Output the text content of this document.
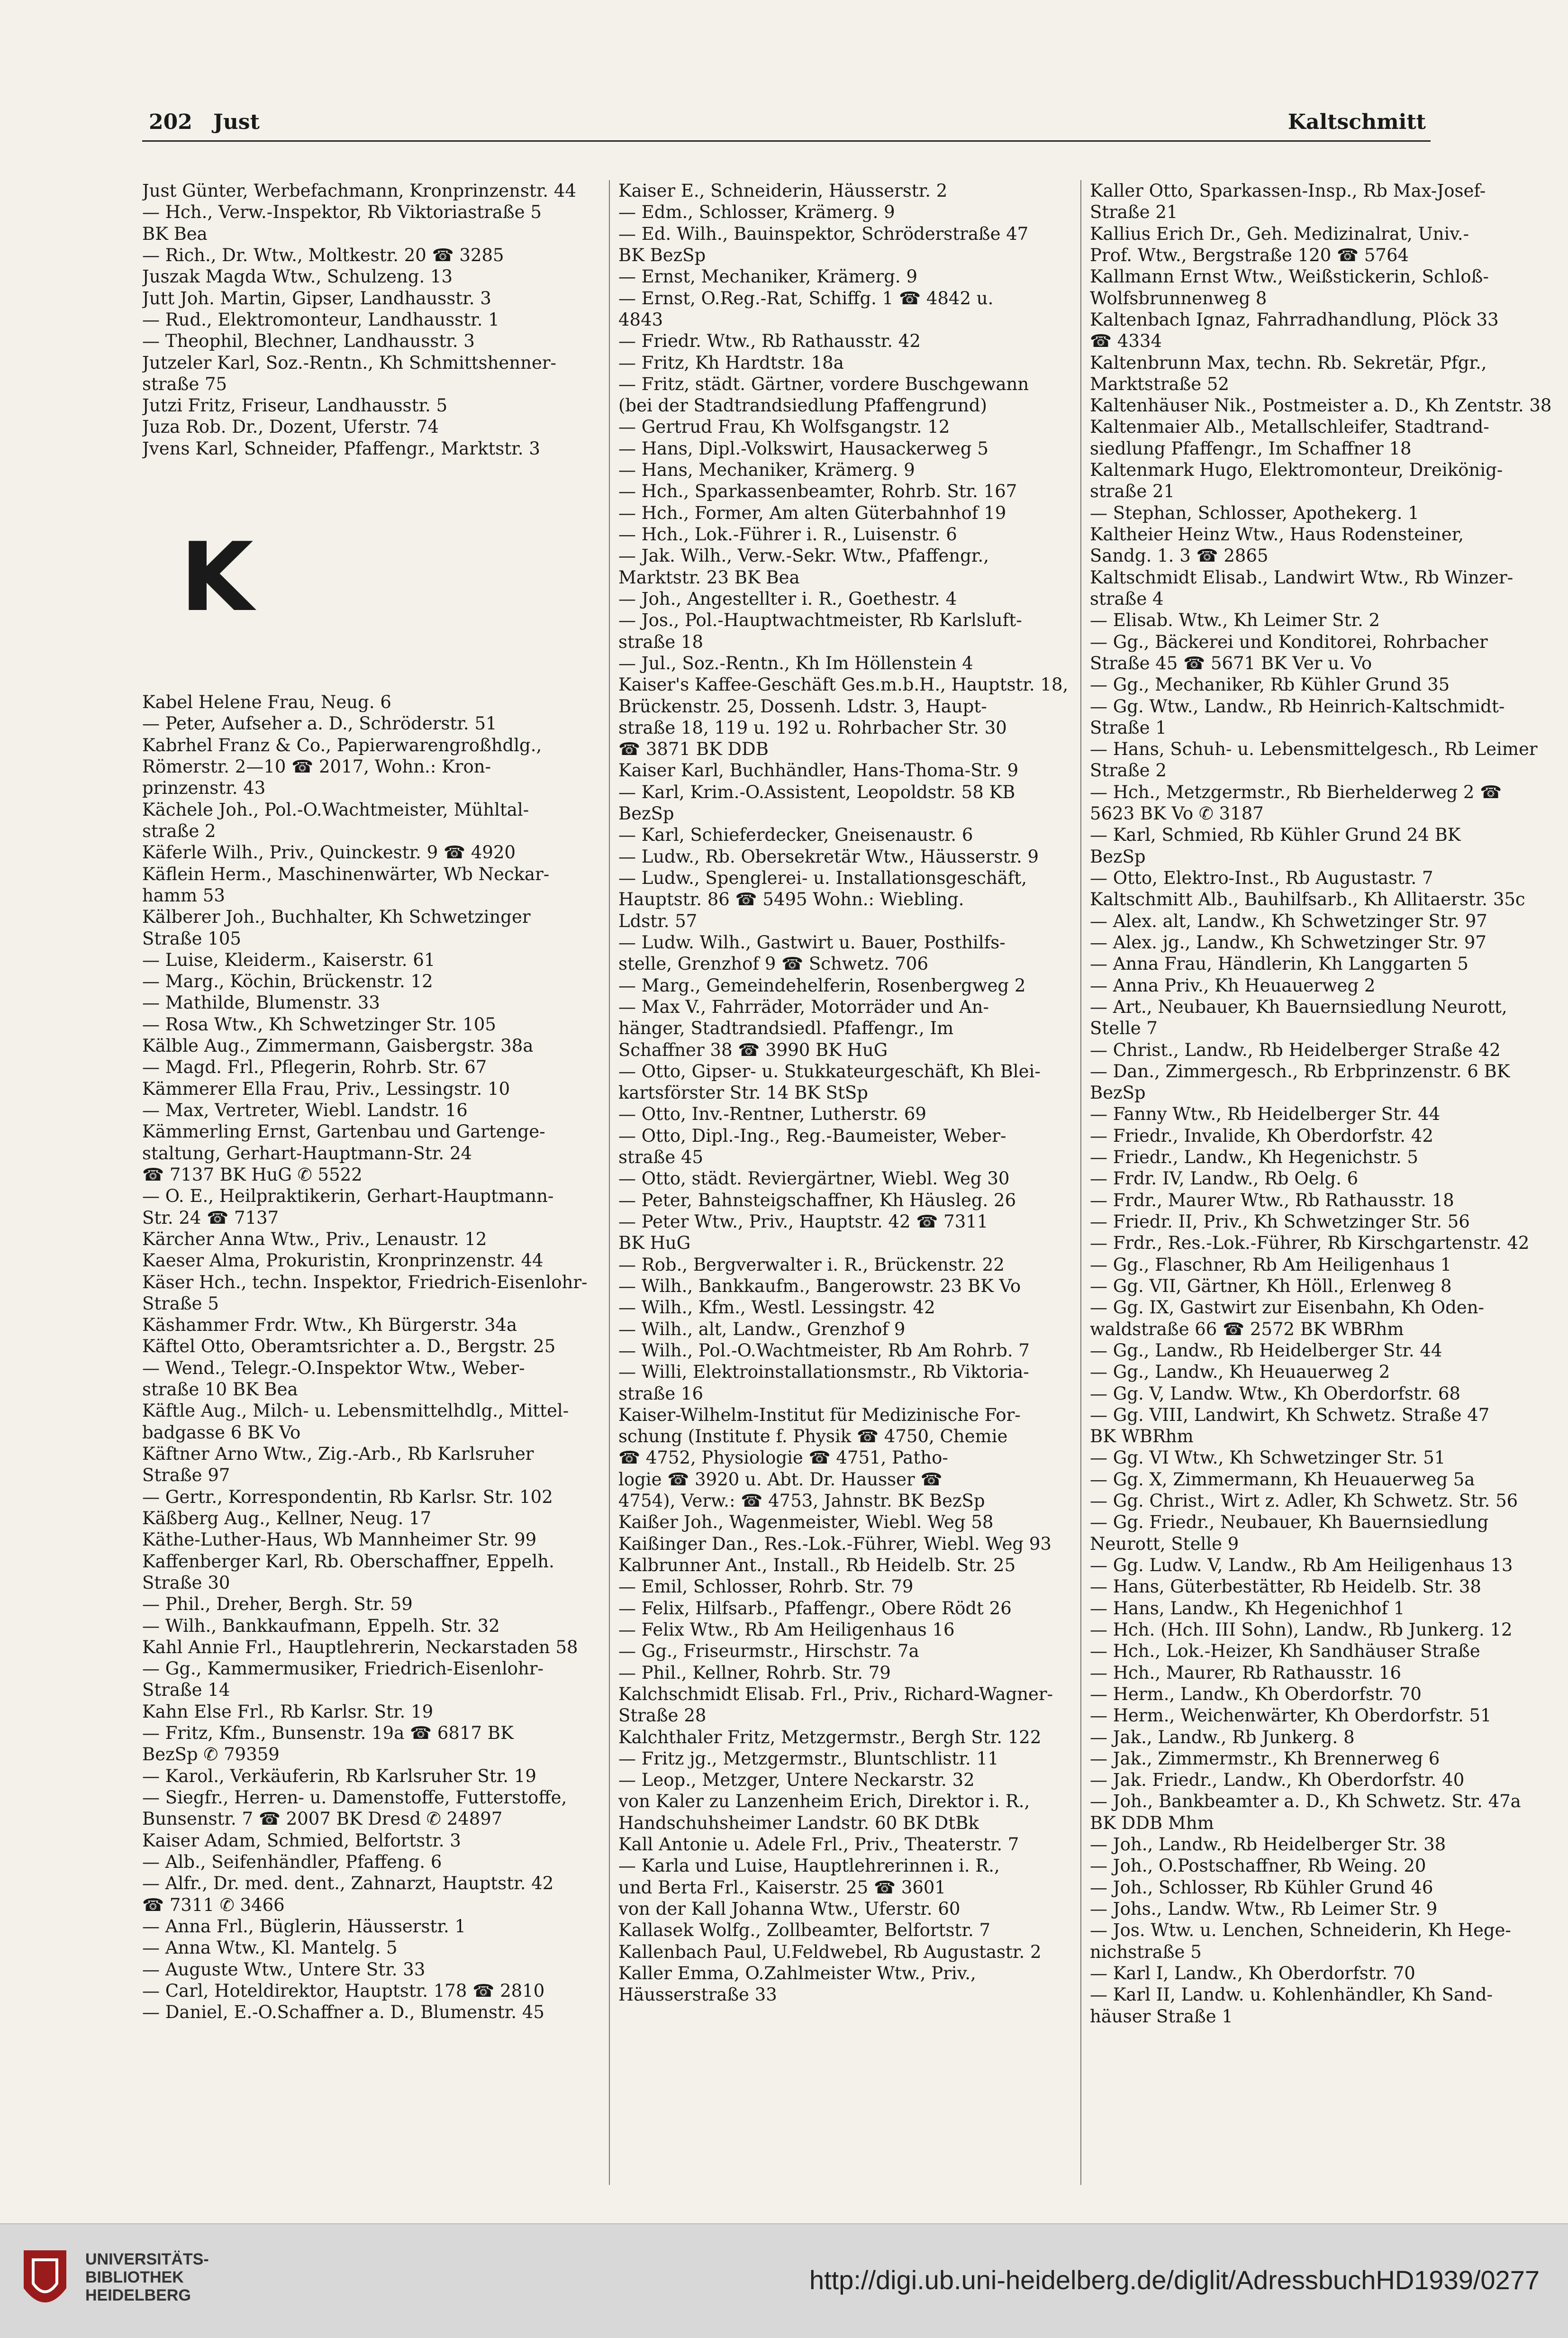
202 Just	Kaltschmitt
Just Günter, Werbefachmann, Kronprinzenstr. 44
— Hch., Verw.-Inspektor, Rb Viktoriastraße 5
BK Bea
— Rich., Dr. Wtw., Moltkestr. 20 ☎ 3285
Juszak Magda Wtw., Schulzeng. 13
Jutt Joh. Martin, Gipser, Landhausstr. 3
— Rud., Elektromonteur, Landhausstr. 1
— Theophil, Blechner, Landhausstr. 3
Jutzeler Karl, Soz.-Rentn., Kh Schmittshenner-
straße 75
Jutzi Fritz, Friseur, Landhausstr. 5
Juza Rob. Dr., Dozent, Uferstr. 74
Jvens Karl, Schneider, Pfaffengr., Marktstr. 3
K
Kabel Helene Frau, Neug. 6
— Peter, Aufseher a. D., Schröderstr. 51
Kabrhel Franz & Co., Papierwarengroßhdlg.,
Römerstr. 2—10 ☎ 2017, Wohn.: Kron-
prinzenstr. 43
Kächele Joh., Pol.-O.Wachtmeister, Mühltal-
straße 2
Käferle Wilh., Priv., Quinckestr. 9 ☎ 4920
Käflein Herm., Maschinenwärter, Wb Neckar-
hamm 53
Kälberer Joh., Buchhalter, Kh Schwetzinger
Straße 105
— Luise, Kleiderm., Kaiserstr. 61
— Marg., Köchin, Brückenstr. 12
— Mathilde, Blumenstr. 33
— Rosa Wtw., Kh Schwetzinger Str. 105
Kälble Aug., Zimmermann, Gaisbergstr. 38a
— Magd. Frl., Pflegerin, Rohrb. Str. 67
Kämmerer Ella Frau, Priv., Lessingstr. 10
— Max, Vertreter, Wiebl. Landstr. 16
Kämmerling Ernst, Gartenbau und Gartenge-
staltung, Gerhart-Hauptmann-Str. 24
☎ 7137 BK HuG ✆ 5522
— O. E., Heilpraktikerin, Gerhart-Hauptmann-
Str. 24 ☎ 7137
Kärcher Anna Wtw., Priv., Lenaustr. 12
Kaeser Alma, Prokuristin, Kronprinzenstr. 44
Käser Hch., techn. Inspektor, Friedrich-Eisenlohr-
Straße 5
Käshammer Frdr. Wtw., Kh Bürgerstr. 34a
Käftel Otto, Oberamtsrichter a. D., Bergstr. 25
— Wend., Telegr.-O.Inspektor Wtw., Weber-
straße 10 BK Bea
Käftle Aug., Milch- u. Lebensmittelhdlg., Mittel-
badgasse 6 BK Vo
Käftner Arno Wtw., Zig.-Arb., Rb Karlsruher
Straße 97
— Gertr., Korrespondentin, Rb Karlsr. Str. 102
Käßberg Aug., Kellner, Neug. 17
Käthe-Luther-Haus, Wb Mannheimer Str. 99
Kaffenberger Karl, Rb. Oberschaffner, Eppelh.
Straße 30
— Phil., Dreher, Bergh. Str. 59
— Wilh., Bankkaufmann, Eppelh. Str. 32
Kahl Annie Frl., Hauptlehrerin, Neckarstaden 58
— Gg., Kammermusiker, Friedrich-Eisenlohr-
Straße 14
Kahn Else Frl., Rb Karlsr. Str. 19
— Fritz, Kfm., Bunsenstr. 19a ☎ 6817 BK
BezSp ✆ 79359
— Karol., Verkäuferin, Rb Karlsruher Str. 19
— Siegfr., Herren- u. Damenstoffe, Futterstoffe,
Bunsenstr. 7 ☎ 2007 BK Dresd ✆ 24897
Kaiser Adam, Schmied, Belfortstr. 3
— Alb., Seifenhändler, Pfaffeng. 6
— Alfr., Dr. med. dent., Zahnarzt, Hauptstr. 42
☎ 7311 ✆ 3466
— Anna Frl., Büglerin, Häusserstr. 1
— Anna Wtw., Kl. Mantelg. 5
— Auguste Wtw., Untere Str. 33
— Carl, Hoteldirektor, Hauptstr. 178 ☎ 2810
— Daniel, E.-O.Schaffner a. D., Blumenstr. 45
Kaiser E., Schneiderin, Häusserstr. 2
— Edm., Schlosser, Krämerg. 9
— Ed. Wilh., Bauinspektor, Schröderstraße 47
BK BezSp
— Ernst, Mechaniker, Krämerg. 9
— Ernst, O.Reg.-Rat, Schiffg. 1 ☎ 4842 u.
4843
— Friedr. Wtw., Rb Rathausstr. 42
— Fritz, Kh Hardtstr. 18a
— Fritz, städt. Gärtner, vordere Buschgewann
(bei der Stadtrandsiedlung Pfaffengrund)
— Gertrud Frau, Kh Wolfsgangstr. 12
— Hans, Dipl.-Volkswirt, Hausackerweg 5
— Hans, Mechaniker, Krämerg. 9
— Hch., Sparkassenbeamter, Rohrb. Str. 167
— Hch., Former, Am alten Güterbahnhof 19
— Hch., Lok.-Führer i. R., Luisenstr. 6
— Jak. Wilh., Verw.-Sekr. Wtw., Pfaffengr.,
Marktstr. 23 BK Bea
— Joh., Angestellter i. R., Goethestr. 4
— Jos., Pol.-Hauptwachtmeister, Rb Karlsluft-
straße 18
— Jul., Soz.-Rentn., Kh Im Höllenstein 4
Kaiser's Kaffee-Geschäft Ges.m.b.H., Hauptstr. 18,
Brückenstr. 25, Dossenh. Ldstr. 3, Haupt-
straße 18, 119 u. 192 u. Rohrbacher Str. 30
☎ 3871 BK DDB
Kaiser Karl, Buchhändler, Hans-Thoma-Str. 9
— Karl, Krim.-O.Assistent, Leopoldstr. 58 KB
BezSp
— Karl, Schieferdecker, Gneisenaustr. 6
— Ludw., Rb. Obersekretär Wtw., Häusserstr. 9
— Ludw., Spenglerei- u. Installationsgeschäft,
Hauptstr. 86 ☎ 5495 Wohn.: Wiebling.
Ldstr. 57
— Ludw. Wilh., Gastwirt u. Bauer, Posthilfs-
stelle, Grenzhof 9 ☎ Schwetz. 706
— Marg., Gemeindehelferin, Rosenbergweg 2
— Max V., Fahrräder, Motorräder und An-
hänger, Stadtrandsiedl. Pfaffengr., Im
Schaffner 38 ☎ 3990 BK HuG
— Otto, Gipser- u. Stukkateurgeschäft, Kh Blei-
kartsförster Str. 14 BK StSp
— Otto, Inv.-Rentner, Lutherstr. 69
— Otto, Dipl.-Ing., Reg.-Baumeister, Weber-
straße 45
— Otto, städt. Reviergärtner, Wiebl. Weg 30
— Peter, Bahnsteigschaffner, Kh Häusleg. 26
— Peter Wtw., Priv., Hauptstr. 42 ☎ 7311
BK HuG
— Rob., Bergverwalter i. R., Brückenstr. 22
— Wilh., Bankkaufm., Bangerowstr. 23 BK Vo
— Wilh., Kfm., Westl. Lessingstr. 42
— Wilh., alt, Landw., Grenzhof 9
— Wilh., Pol.-O.Wachtmeister, Rb Am Rohrb. 7
— Willi, Elektroinstallationsmstr., Rb Viktoria-
straße 16
Kaiser-Wilhelm-Institut für Medizinische For-
schung (Institute f. Physik ☎ 4750, Chemie
☎ 4752, Physiologie ☎ 4751, Patho-
logie ☎ 3920 u. Abt. Dr. Hausser ☎
4754), Verw.: ☎ 4753, Jahnstr. BK BezSp
Kaißer Joh., Wagenmeister, Wiebl. Weg 58
Kaißinger Dan., Res.-Lok.-Führer, Wiebl. Weg 93
Kalbrunner Ant., Install., Rb Heidelb. Str. 25
— Emil, Schlosser, Rohrb. Str. 79
— Felix, Hilfsarb., Pfaffengr., Obere Rödt 26
— Felix Wtw., Rb Am Heiligenhaus 16
— Gg., Friseurmstr., Hirschstr. 7a
— Phil., Kellner, Rohrb. Str. 79
Kalchschmidt Elisab. Frl., Priv., Richard-Wagner-
Straße 28
Kalchthaler Fritz, Metzgermstr., Bergh Str. 122
— Fritz jg., Metzgermstr., Bluntschlistr. 11
— Leop., Metzger, Untere Neckarstr. 32
von Kaler zu Lanzenheim Erich, Direktor i. R.,
Handschuhsheimer Landstr. 60 BK DtBk
Kall Antonie u. Adele Frl., Priv., Theaterstr. 7
— Karla und Luise, Hauptlehrerinnen i. R.,
und Berta Frl., Kaiserstr. 25 ☎ 3601
von der Kall Johanna Wtw., Uferstr. 60
Kallasek Wolfg., Zollbeamter, Belfortstr. 7
Kallenbach Paul, U.Feldwebel, Rb Augustastr. 2
Kaller Emma, O.Zahlmeister Wtw., Priv.,
Häusserstraße 33
Kaller Otto, Sparkassen-Insp., Rb Max-Josef-
Straße 21
Kallius Erich Dr., Geh. Medizinalrat, Univ.-
Prof. Wtw., Bergstraße 120 ☎ 5764
Kallmann Ernst Wtw., Weißstickerin, Schloß-
Wolfsbrunnenweg 8
Kaltenbach Ignaz, Fahrradhandlung, Plöck 33
☎ 4334
Kaltenbrunn Max, techn. Rb. Sekretär, Pfgr.,
Marktstraße 52
Kaltenhäuser Nik., Postmeister a. D., Kh Zentstr. 38
Kaltenmaier Alb., Metallschleifer, Stadtrand-
siedlung Pfaffengr., Im Schaffner 18
Kaltenmark Hugo, Elektromonteur, Dreikönig-
straße 21
— Stephan, Schlosser, Apothekerg. 1
Kaltheier Heinz Wtw., Haus Rodensteiner,
Sandg. 1. 3 ☎ 2865
Kaltschmidt Elisab., Landwirt Wtw., Rb Winzer-
straße 4
— Elisab. Wtw., Kh Leimer Str. 2
— Gg., Bäckerei und Konditorei, Rohrbacher
Straße 45 ☎ 5671 BK Ver u. Vo
— Gg., Mechaniker, Rb Kühler Grund 35
— Gg. Wtw., Landw., Rb Heinrich-Kaltschmidt-
Straße 1
— Hans, Schuh- u. Lebensmittelgesch., Rb Leimer
Straße 2
— Hch., Metzgermstr., Rb Bierhelderweg 2 ☎
5623 BK Vo ✆ 3187
— Karl, Schmied, Rb Kühler Grund 24 BK
BezSp
— Otto, Elektro-Inst., Rb Augustastr. 7
Kaltschmitt Alb., Bauhilfsarb., Kh Allitaerstr. 35c
— Alex. alt, Landw., Kh Schwetzinger Str. 97
— Alex. jg., Landw., Kh Schwetzinger Str. 97
— Anna Frau, Händlerin, Kh Langgarten 5
— Anna Priv., Kh Heuauerweg 2
— Art., Neubauer, Kh Bauernsiedlung Neurott,
Stelle 7
— Christ., Landw., Rb Heidelberger Straße 42
— Dan., Zimmergesch., Rb Erbprinzenstr. 6 BK
BezSp
— Fanny Wtw., Rb Heidelberger Str. 44
— Friedr., Invalide, Kh Oberdorfstr. 42
— Friedr., Landw., Kh Hegenichstr. 5
— Frdr. IV, Landw., Rb Oelg. 6
— Frdr., Maurer Wtw., Rb Rathausstr. 18
— Friedr. II, Priv., Kh Schwetzinger Str. 56
— Frdr., Res.-Lok.-Führer, Rb Kirschgartenstr. 42
— Gg., Flaschner, Rb Am Heiligenhaus 1
— Gg. VII, Gärtner, Kh Höll., Erlenweg 8
— Gg. IX, Gastwirt zur Eisenbahn, Kh Oden-
waldstraße 66 ☎ 2572 BK WBRhm
— Gg., Landw., Rb Heidelberger Str. 44
— Gg., Landw., Kh Heuauerweg 2
— Gg. V, Landw. Wtw., Kh Oberdorfstr. 68
— Gg. VIII, Landwirt, Kh Schwetz. Straße 47
BK WBRhm
— Gg. VI Wtw., Kh Schwetzinger Str. 51
— Gg. X, Zimmermann, Kh Heuauerweg 5a
— Gg. Christ., Wirt z. Adler, Kh Schwetz. Str. 56
— Gg. Friedr., Neubauer, Kh Bauernsiedlung
Neurott, Stelle 9
— Gg. Ludw. V, Landw., Rb Am Heiligenhaus 13
— Hans, Güterbestätter, Rb Heidelb. Str. 38
— Hans, Landw., Kh Hegenichhof 1
— Hch. (Hch. III Sohn), Landw., Rb Junkerg. 12
— Hch., Lok.-Heizer, Kh Sandhäuser Straße
— Hch., Maurer, Rb Rathausstr. 16
— Herm., Landw., Kh Oberdorfstr. 70
— Herm., Weichenwärter, Kh Oberdorfstr. 51
— Jak., Landw., Rb Junkerg. 8
— Jak., Zimmermstr., Kh Brennerweg 6
— Jak. Friedr., Landw., Kh Oberdorfstr. 40
— Joh., Bankbeamter a. D., Kh Schwetz. Str. 47a
BK DDB Mhm
— Joh., Landw., Rb Heidelberger Str. 38
— Joh., O.Postschaffner, Rb Weing. 20
— Joh., Schlosser, Rb Kühler Grund 46
— Johs., Landw. Wtw., Rb Leimer Str. 9
— Jos. Wtw. u. Lenchen, Schneiderin, Kh Hege-
nichstraße 5
— Karl I, Landw., Kh Oberdorfstr. 70
— Karl II, Landw. u. Kohlenhändler, Kh Sand-
häuser Straße 1
UNIVERSITÄTS-
BIBLIOTHEK
HEIDELBERG
http://digi.ub.uni-heidelberg.de/diglit/AdressbuchHD1939/0277
